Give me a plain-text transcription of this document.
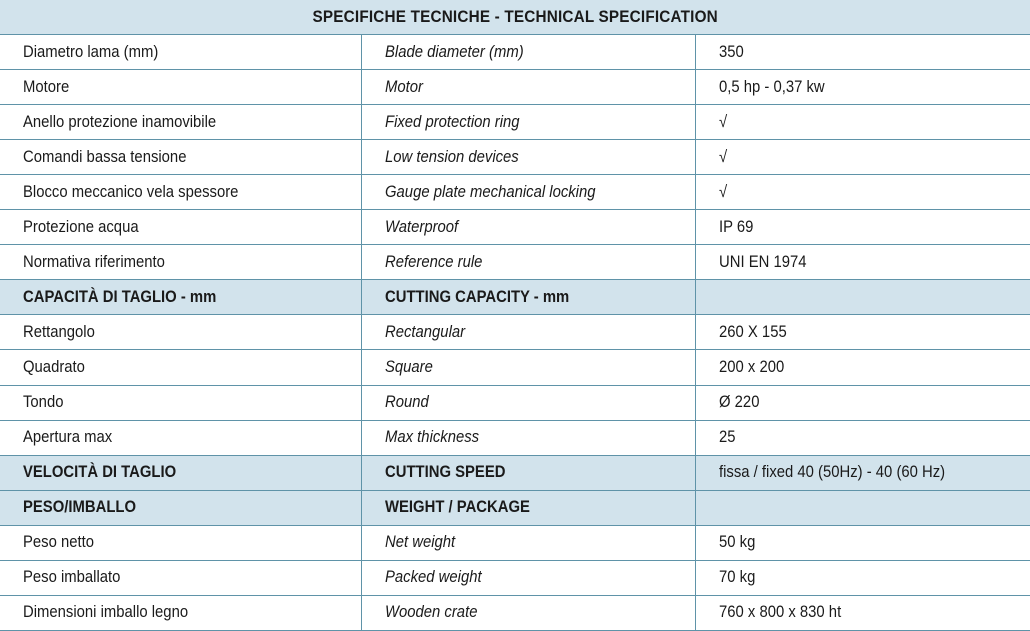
SPECIFICHE TECNICHE - TECHNICAL SPECIFICATION		
Diametro lama (mm)	Blade diameter (mm)	350
Motore	Motor	0,5 hp - 0,37 kw
Anello protezione inamovibile	Fixed protection ring	√
Comandi bassa tensione	Low tension devices	√
Blocco meccanico vela spessore	Gauge plate mechanical locking	√
Protezione acqua	Waterproof	IP 69
Normativa riferimento	Reference rule	UNI EN 1974
CAPACITÀ DI TAGLIO - mm	CUTTING CAPACITY - mm	
Rettangolo	Rectangular	260 X 155
Quadrato	Square	200 x 200
Tondo	Round	Ø 220
Apertura max	Max thickness	25
VELOCITÀ DI TAGLIO	CUTTING SPEED	fissa / fixed 40 (50Hz) - 40 (60 Hz)
PESO/IMBALLO	WEIGHT / PACKAGE	
Peso netto	Net weight	50 kg
Peso imballato	Packed weight	70 kg
Dimensioni imballo legno	Wooden crate	760 x 800 x 830 ht
